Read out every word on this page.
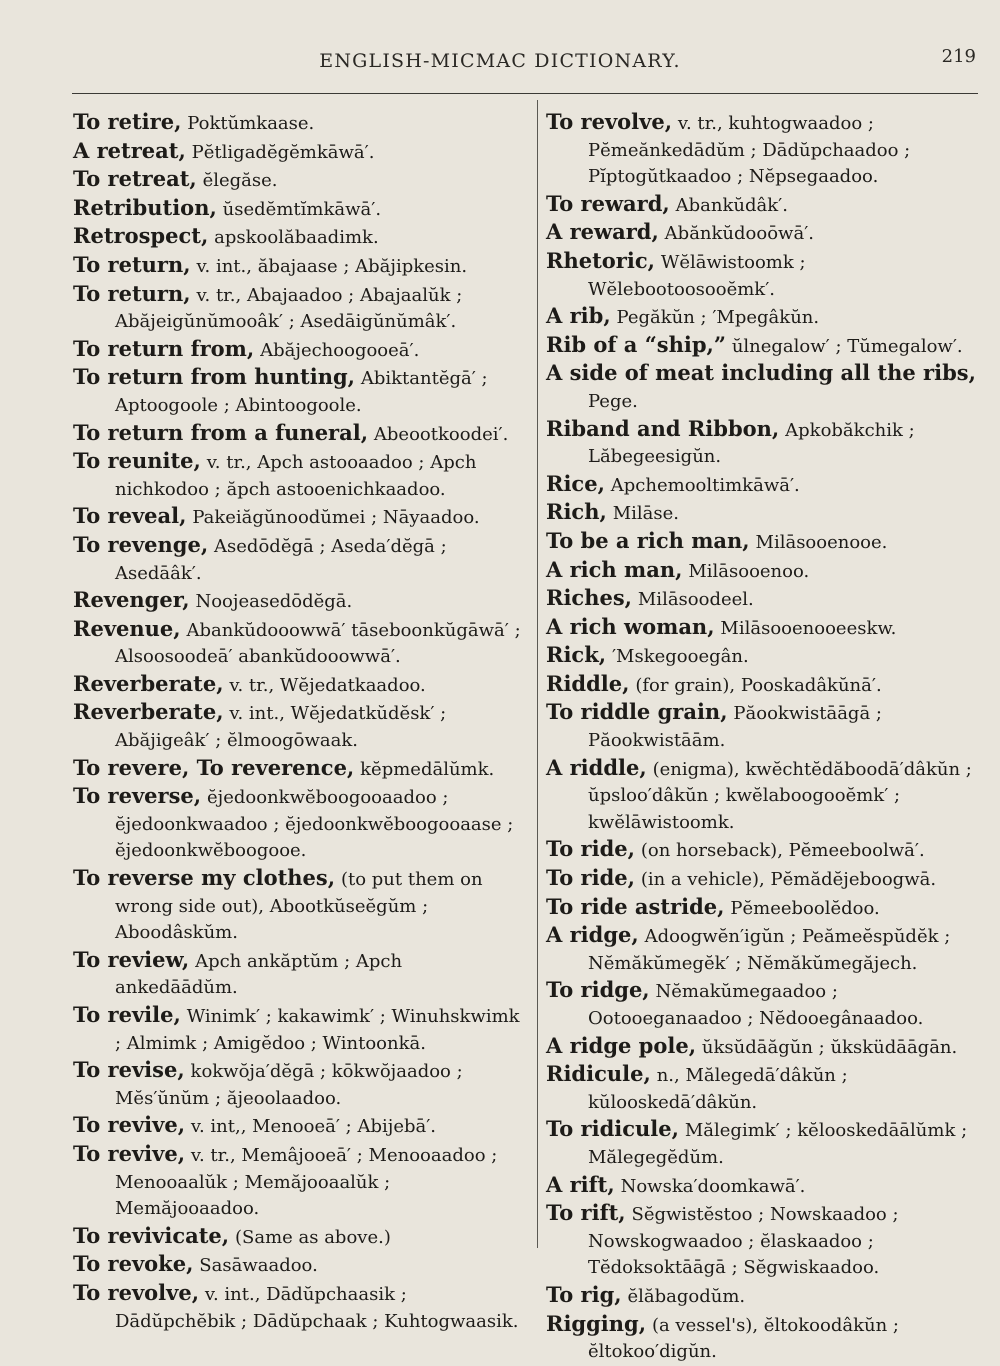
ENGLISH-MICMAC DICTIONARY.	219

To retire, Poktŭmkaase.

A retreat, Pĕtligadĕgĕmkāwā′.

To retreat, ĕlegăse.

Retribution, ŭsedĕmtĭmkāwā′.

Retrospect, apskoolăbaadimk.

To return, v. int., ăbajaase ; Abăjipkesin.

To return, v. tr., Abajaadoo ; Abajaalŭk ; Abăjeigŭnŭmooâk′ ; Asedāigŭnŭmâk′.

To return from, Abăjechoogooeā′.

To return from hunting, Abiktantĕgā′ ; Aptoogoole ; Abintoogoole.

To return from a funeral, Abeootkoodei′.

To reunite, v. tr., Apch astooaadoo ; Apch nichkodoo ; ăpch astooenichkaadoo.

To reveal, Pakeiăgŭnoodŭmei ; Nāyaadoo.

To revenge, Asedōdĕgā ; Aseda′dĕgā ; Asedāâk′.

Revenger, Noojeasedōdĕgā.

Revenue, Abankŭdooowwā′ tāseboonkŭgāwā′ ; Alsoosoodeā′ abankŭdooowwā′.

Reverberate, v. tr., Wĕjedatkaadoo.

Reverberate, v. int., Wĕjedatkŭdĕsk′ ; Abăjigeâk′ ; ĕlmoogōwaak.

To revere, To reverence, kĕpmedālŭmk.

To reverse, ĕjedoonkwĕboogooaadoo ; ĕjedoonkwaadoo ; ĕjedoonkwĕboogooaase ; ĕjedoonkwĕboogooe.

To reverse my clothes, (to put them on wrong side out), Abootkŭseĕgŭm ; Aboodâskŭm.

To review, Apch ankăptŭm ; Apch ankedāādŭm.

To revile, Winimk′ ; kakawimk′ ; Winuhskwimk ; Almimk ; Amigĕdoo ; Wintoonkā.

To revise, kokwŏja′dĕgā ; kōkwŏjaadoo ; Mĕs′ŭnŭm ; ăjeoolaadoo.

To revive, v. int,, Menooeā′ ; Abijebā′.

To revive, v. tr., Memâjooeā′ ; Menooaadoo ; Menooaalŭk ; Memăjooaalŭk ; Memăjooaadoo.

To revivicate, (Same as above.)

To revoke, Sasāwaadoo.

To revolve, v. int., Dādŭpchaasik ; Dādŭpchĕbik ; Dādŭpchaak ; Kuhtogwaasik.

To revolve, v. tr., kuhtogwaadoo ; Pĕmeănkedādŭm ; Dādŭpchaadoo ; Pĭptogŭtkaadoo ; Nĕpsegaadoo.

To reward, Abankŭdâk′.

A reward, Abănkŭdooōwā′.

Rhetoric, Wĕlāwistoomk ; Wĕlebootoosooĕmk′.

A rib, Pegăkŭn ; ′Mpegâkŭn.

Rib of a “ship,” ŭlnegalow′ ; Tŭmegalow′.

A side of meat including all the ribs, Pege.

Riband and Ribbon, Apkobăkchik ; Lăbegeesigŭn.

Rice, Apchemooltimkāwā′.

Rich, Milāse.

To be a rich man, Milāsooenooe.

A rich man, Milāsooenoo.

Riches, Milāsoodeel.

A rich woman, Milāsooenooeeskw.

Rick, ′Mskegooegân.

Riddle, (for grain), Pooskadâkŭnā′.

To riddle grain, Păookwistāāgā ; Păookwistāām.

A riddle, (enigma), kwĕchtĕdăboodā′dâkŭn ; ŭpsloo′dâkŭn ; kwĕlaboogooĕmk′ ; kwĕlāwistoomk.

To ride, (on horseback), Pĕmeeboolwā′.

To ride, (in a vehicle), Pĕmădĕjeboogwā.

To ride astride, Pĕmeeboolĕdoo.

A ridge, Adoogwĕn′igŭn ; Peămeĕspŭdĕk ; Nĕmăkŭmegĕk′ ; Nĕmăkŭmegăjech.

To ridge, Nĕmakŭmegaadoo ; Ootooeganaadoo ; Nĕdooegânaadoo.

A ridge pole, ŭksŭdāăgŭn ; ŭksküdāāgān.

Ridicule, n., Mălegedā′dâkŭn ; kŭlooskedā′dâkŭn.

To ridicule, Mălegimk′ ; kĕlooskedāālŭmk ; Mălegegĕdŭm.

A rift, Nowska′doomkawā′.

To rift, Sĕgwistĕstoo ; Nowskaadoo ; Nowskogwaadoo ; ĕlaskaadoo ; Tĕdoksoktāāgā ; Sĕgwiskaadoo.

To rig, ĕlăbagodŭm.

Rigging, (a vessel's), ĕltokoodâkŭn ; ĕltokoo′digŭn.
